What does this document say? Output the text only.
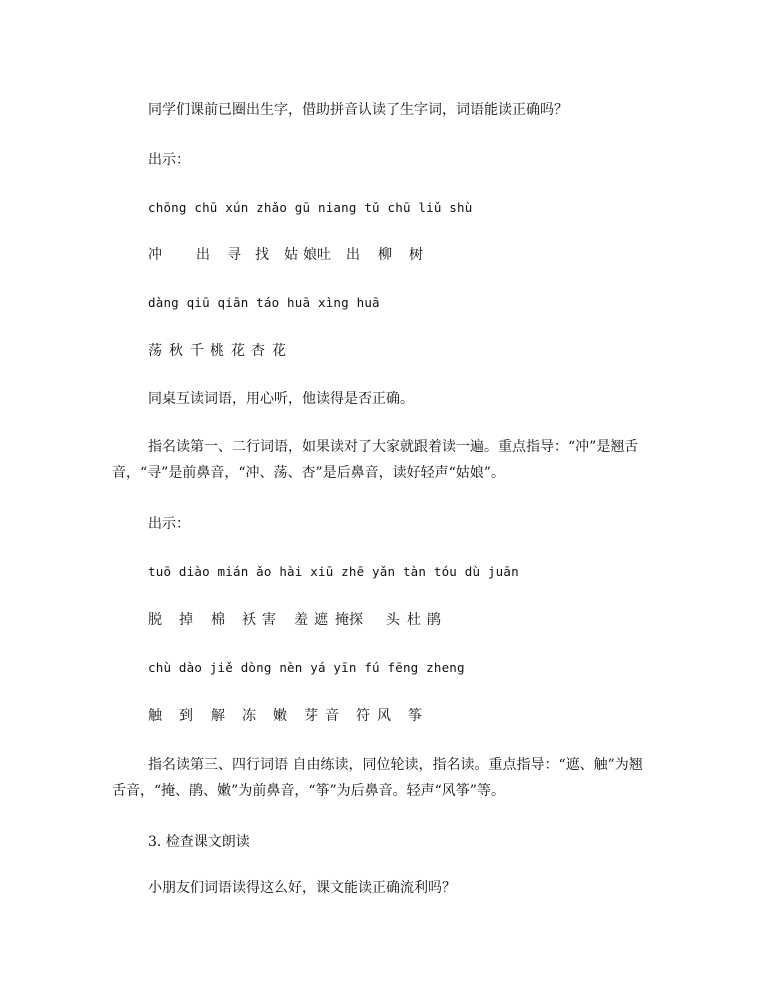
同学们课前已圈出生字，借助拼音认读了生字词，词语能读正确吗？
出示：
chōng chū xún zhǎo gū niang tǔ chū liǔ shù
冲 出 寻 找 姑 娘吐 出 柳 树
dàng qiū qiān táo huā xìng huā
荡 秋 千 桃 花 杏 花
同桌互读词语，用心听，他读得是否正确。
指名读第一、二行词语，如果读对了大家就跟着读一遍。重点指导：“冲”是翘舌音，“寻”是前鼻音，“冲、荡、杏”是后鼻音，读好轻声“姑娘”。
出示：
tuō diào mián ǎo hài xiū zhē yǎn tàn tóu dù juān
脱 掉 棉 袄 害 羞 遮 掩探 头 杜 鹃
chù dào jiě dòng nèn yá yīn fú fēng zheng
触 到 解 冻 嫩 芽 音 符 风 筝
指名读第三、四行词语 自由练读，同位轮读，指名读。重点指导：“遮、触”为翘舌音，“掩、鹃、嫩”为前鼻音，“筝”为后鼻音。轻声“风筝”等。
3. 检查课文朗读
小朋友们词语读得这么好，课文能读正确流利吗？
